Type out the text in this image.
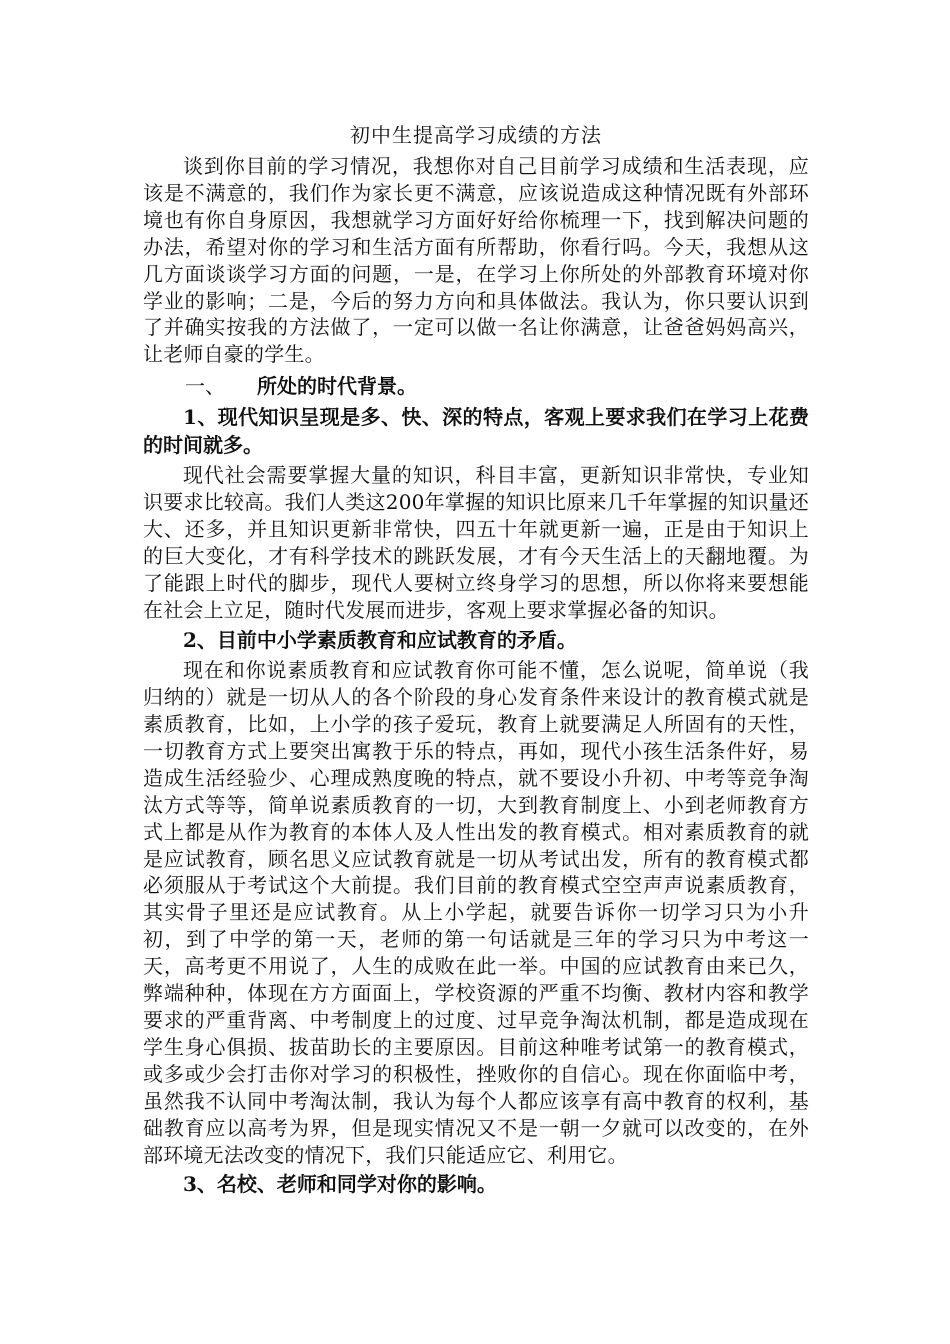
初中生提高学习成绩的方法

谈到你目前的学习情况，我想你对自己目前学习成绩和生活表现，应该是不满意的，我们作为家长更不满意，应该说造成这种情况既有外部环境也有你自身原因，我想就学习方面好好给你梳理一下，找到解决问题的办法，希望对你的学习和生活方面有所帮助，你看行吗。今天，我想从这几方面谈谈学习方面的问题，一是，在学习上你所处的外部教育环境对你学业的影响；二是，今后的努力方向和具体做法。我认为，你只要认识到了并确实按我的方法做了，一定可以做一名让你满意，让爸爸妈妈高兴，让老师自豪的学生。

一、 所处的时代背景。

1、现代知识呈现是多、快、深的特点，客观上要求我们在学习上花费的时间就多。

现代社会需要掌握大量的知识，科目丰富，更新知识非常快，专业知识要求比较高。我们人类这200年掌握的知识比原来几千年掌握的知识量还大、还多，并且知识更新非常快，四五十年就更新一遍，正是由于知识上的巨大变化，才有科学技术的跳跃发展，才有今天生活上的天翻地覆。为了能跟上时代的脚步，现代人要树立终身学习的思想，所以你将来要想能在社会上立足，随时代发展而进步，客观上要求掌握必备的知识。

2、目前中小学素质教育和应试教育的矛盾。

现在和你说素质教育和应试教育你可能不懂，怎么说呢，简单说（我归纳的）就是一切从人的各个阶段的身心发育条件来设计的教育模式就是素质教育，比如，上小学的孩子爱玩，教育上就要满足人所固有的天性，一切教育方式上要突出寓教于乐的特点，再如，现代小孩生活条件好，易造成生活经验少、心理成熟度晚的特点，就不要设小升初、中考等竞争淘汰方式等等，简单说素质教育的一切，大到教育制度上、小到老师教育方式上都是从作为教育的本体人及人性出发的教育模式。相对素质教育的就是应试教育，顾名思义应试教育就是一切从考试出发，所有的教育模式都必须服从于考试这个大前提。我们目前的教育模式空空声声说素质教育，其实骨子里还是应试教育。从上小学起，就要告诉你一切学习只为小升初，到了中学的第一天，老师的第一句话就是三年的学习只为中考这一天，高考更不用说了，人生的成败在此一举。中国的应试教育由来已久，弊端种种，体现在方方面面上，学校资源的严重不均衡、教材内容和教学要求的严重背离、中考制度上的过度、过早竞争淘汰机制，都是造成现在学生身心俱损、拔苗助长的主要原因。目前这种唯考试第一的教育模式，或多或少会打击你对学习的积极性，挫败你的自信心。现在你面临中考，虽然我不认同中考淘汰制，我认为每个人都应该享有高中教育的权利，基础教育应以高考为界，但是现实情况又不是一朝一夕就可以改变的，在外部环境无法改变的情况下，我们只能适应它、利用它。

3、名校、老师和同学对你的影响。
